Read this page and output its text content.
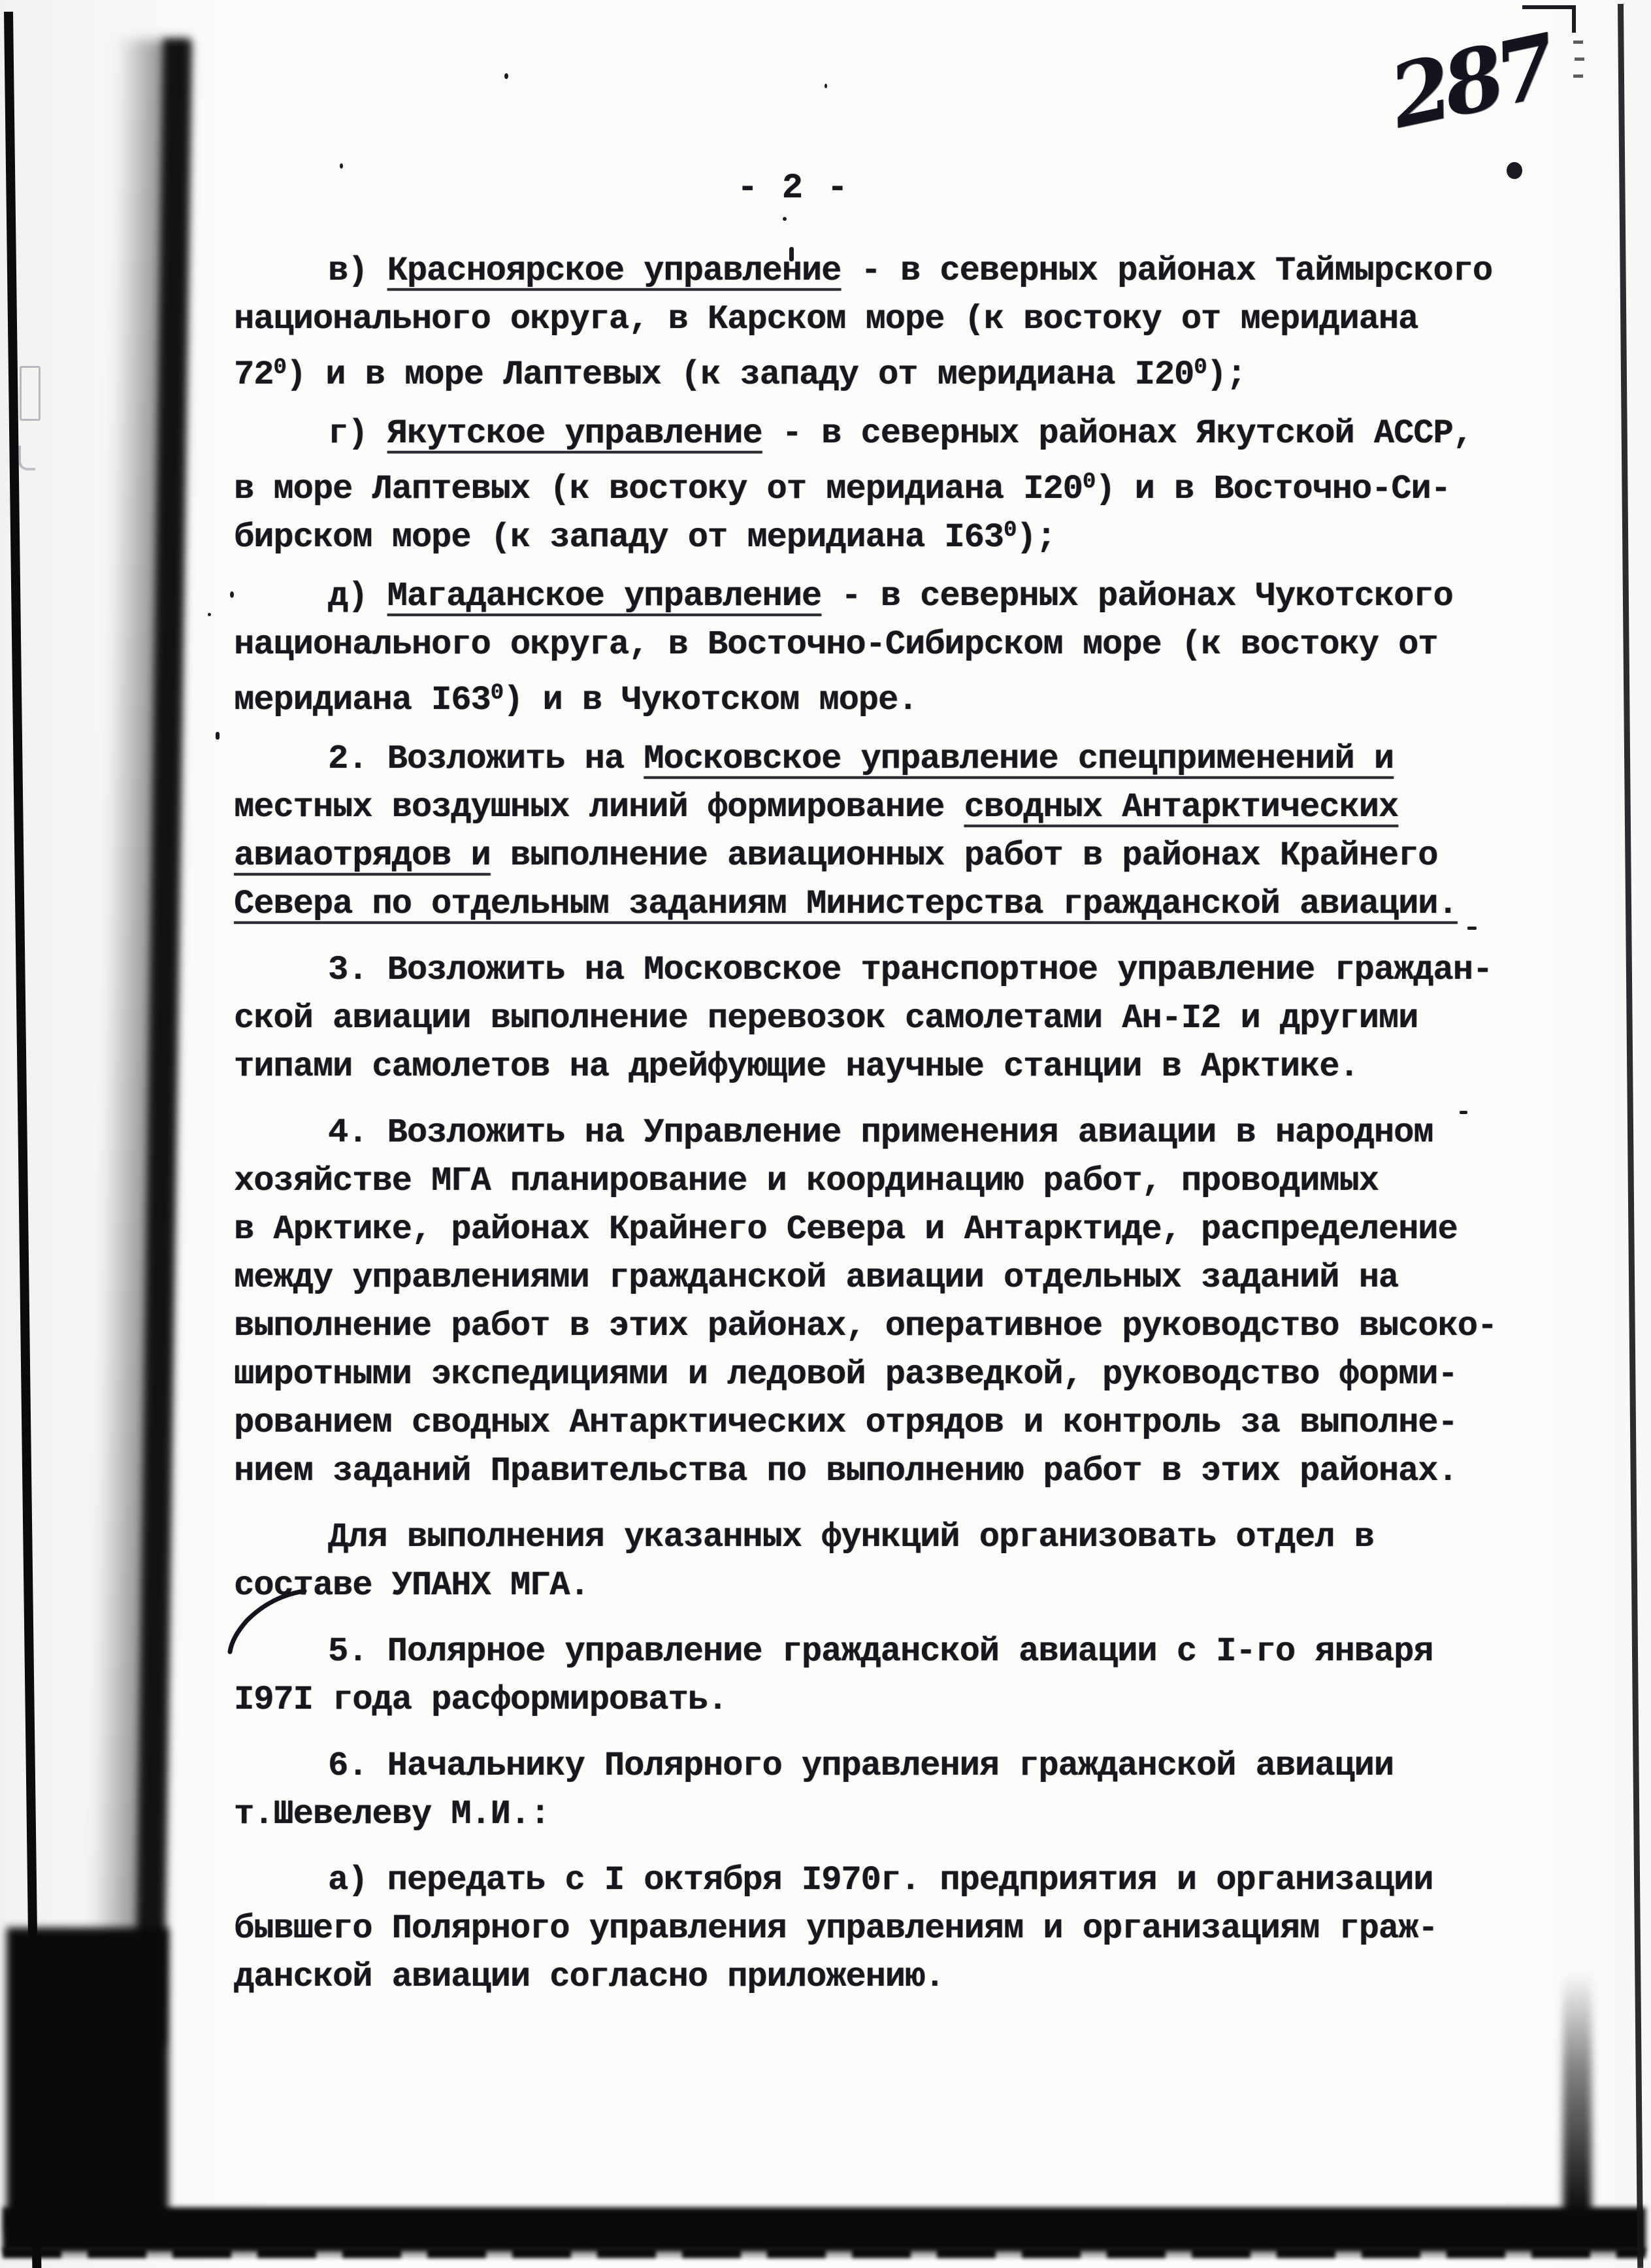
287
- 2 -
в) Красноярское управление - в северных районах Таймырского
национального округа, в Карском море (к востоку от меридиана
$72^0$) и в море Лаптевых (к западу от меридиана $I20^0$);
г) Якутское управление - в северных районах Якутской АССР,
в море Лаптевых (к востоку от меридиана $I20^0$) и в Восточно-Си-
бирском море (к западу от меридиана $I63^0$);
д) Магаданское управление - в северных районах Чукотского
национального округа, в Восточно-Сибирском море (к востоку от
меридиана $I63^0$) и в Чукотском море.
2. Возложить на Московское управление спецприменений и
местных воздушных линий формирование сводных Антарктических
авиаотрядов и выполнение авиационных работ в районах Крайнего
Севера по отдельным заданиям Министерства гражданской авиации.
3. Возложить на Московское транспортное управление граждан-
ской авиации выполнение перевозок самолетами Ан-I2 и другими
типами самолетов на дрейфующие научные станции в Арктике.
4. Возложить на Управление применения авиации в народном
хозяйстве МГА планирование и координацию работ, проводимых
в Арктике, районах Крайнего Севера и Антарктиде, распределение
между управлениями гражданской авиации отдельных заданий на
выполнение работ в этих районах, оперативное руководство высоко-
широтными экспедициями и ледовой разведкой, руководство форми-
рованием сводных Антарктических отрядов и контроль за выполне-
нием заданий Правительства по выполнению работ в этих районах.
Для выполнения указанных функций организовать отдел в
составе УПАНХ МГА.
5. Полярное управление гражданской авиации с I-го января
I97I года расформировать.
6. Начальнику Полярного управления гражданской авиации
т.Шевелеву М.И.:
а) передать с I октября I970г. предприятия и организации
бывшего Полярного управления управлениям и организациям граж-
данской авиации согласно приложению.
